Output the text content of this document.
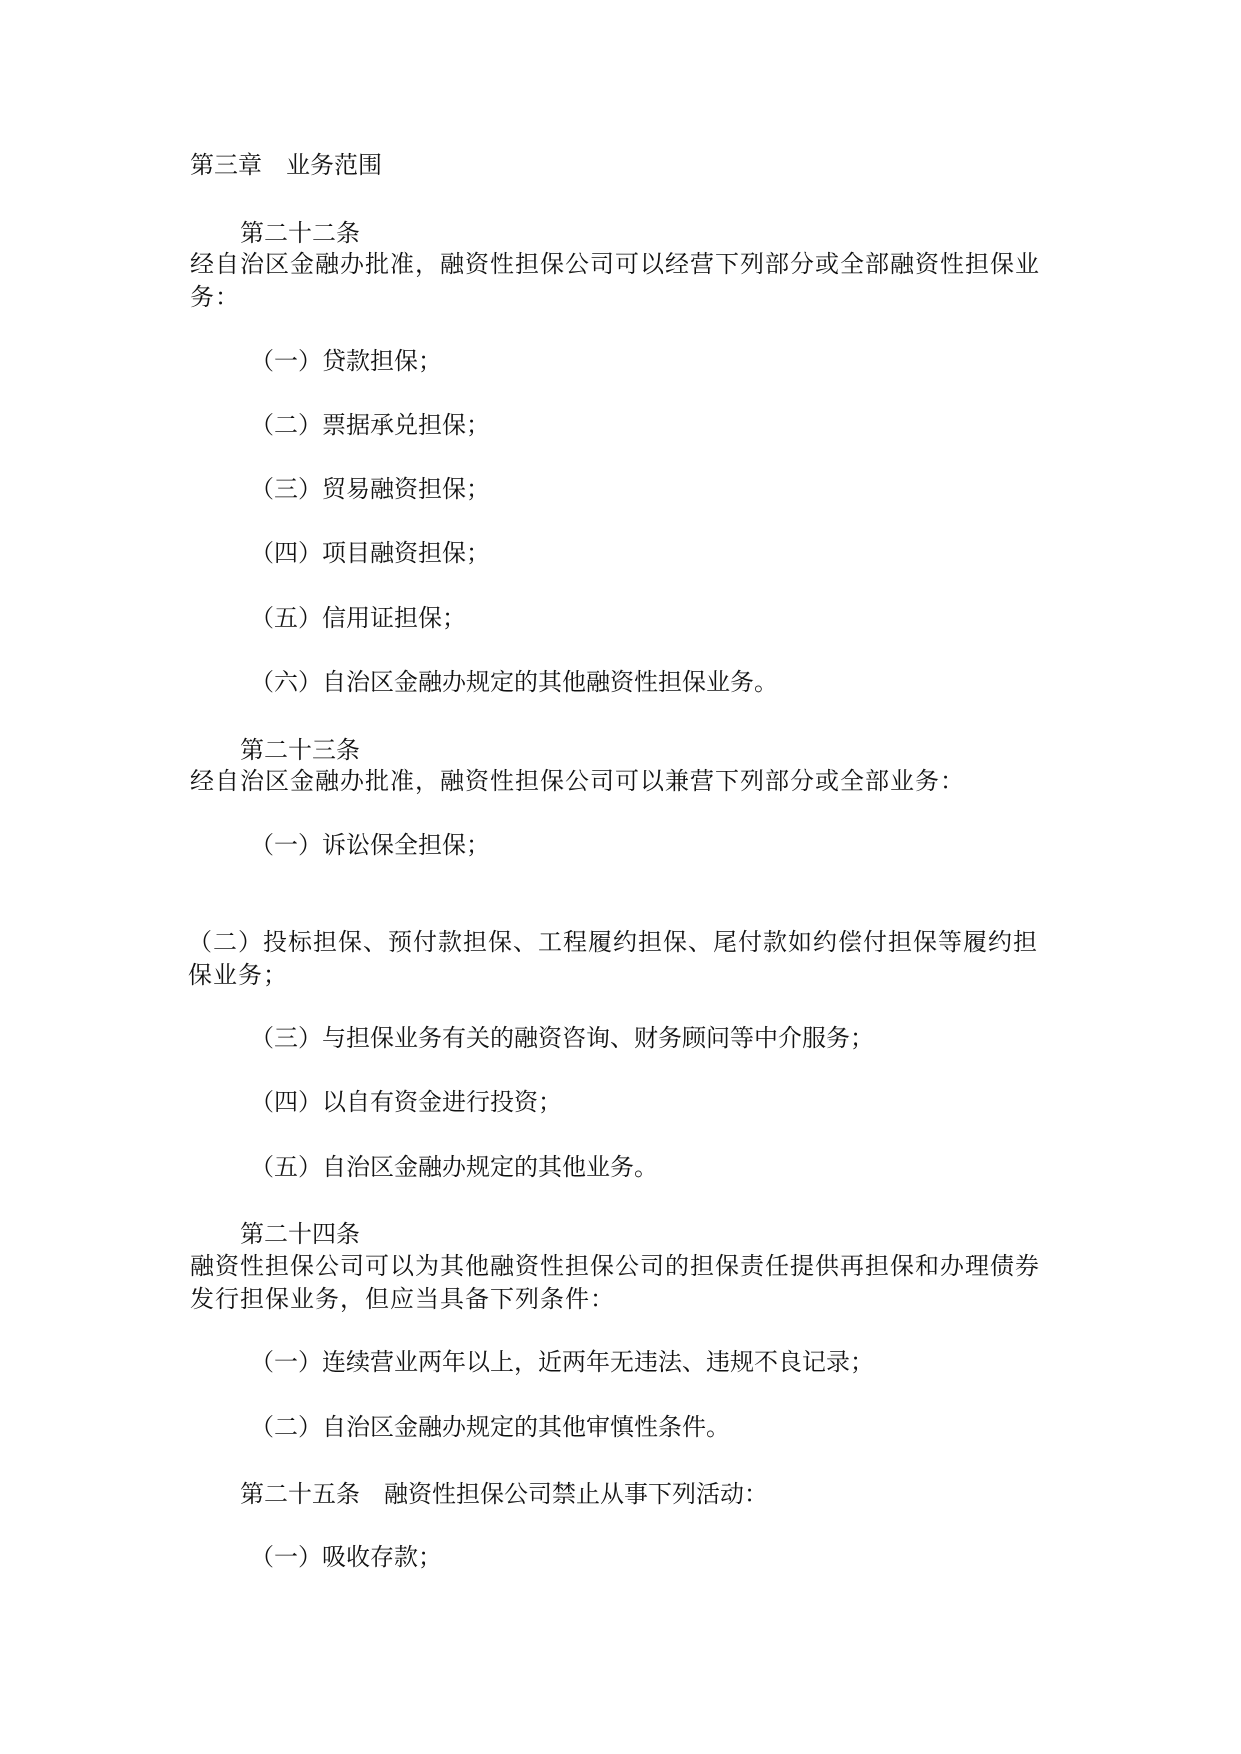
第三章　业务范围
第二十二条
经自治区金融办批准，融资性担保公司可以经营下列部分或全部融资性担保业务：
（一）贷款担保；
（二）票据承兑担保；
（三）贸易融资担保；
（四）项目融资担保；
（五）信用证担保；
（六）自治区金融办规定的其他融资性担保业务。
第二十三条
经自治区金融办批准，融资性担保公司可以兼营下列部分或全部业务：
（一）诉讼保全担保；
（二）投标担保、预付款担保、工程履约担保、尾付款如约偿付担保等履约担保业务；
（三）与担保业务有关的融资咨询、财务顾问等中介服务；
（四）以自有资金进行投资；
（五）自治区金融办规定的其他业务。
第二十四条
融资性担保公司可以为其他融资性担保公司的担保责任提供再担保和办理债券发行担保业务，但应当具备下列条件：
（一）连续营业两年以上，近两年无违法、违规不良记录；
（二）自治区金融办规定的其他审慎性条件。
第二十五条　融资性担保公司禁止从事下列活动：
（一）吸收存款；
